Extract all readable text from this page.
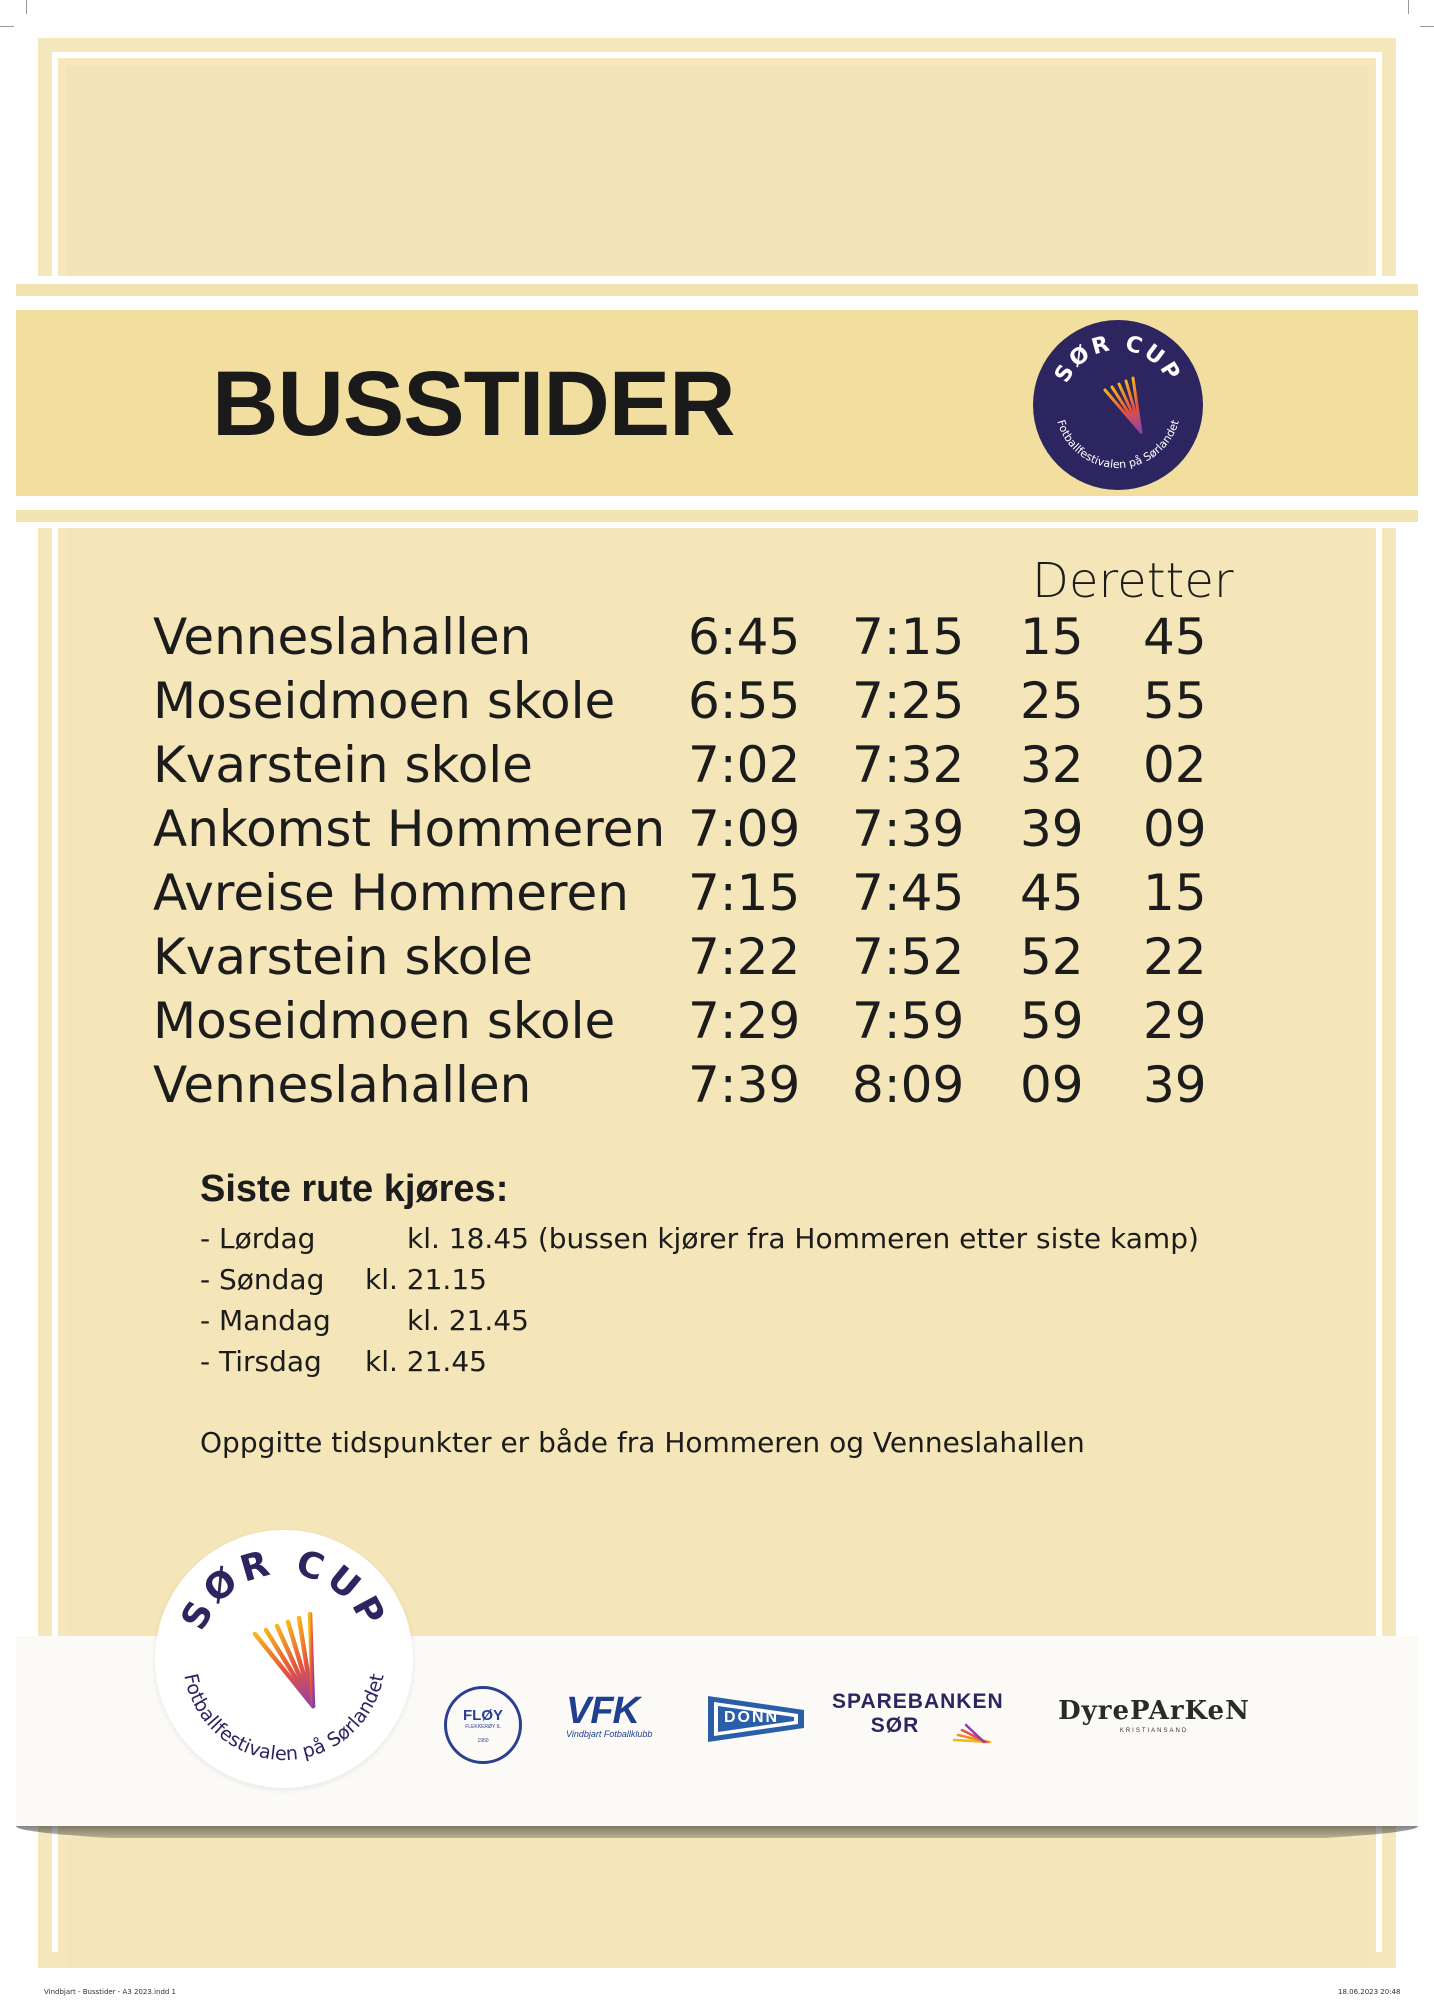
BUSSTIDER	SØR CUP
Fotballfestivalen på Sørlandet
Deretter
Venneslahallen	6:45 7:15 15 45
Moseidmoen skole 6:55 7:25 25 55
Kvarstein skole	7:02 7:32 32 02
Ankomst Hommeren 7:09 7:39 39 09
Avreise Hommeren 7:15 7:45 45 15
Kvarstein skole	7:22 7:52 52 22
Moseidmoen skole 7:29 7:59 59 29
Venneslahallen	7:39 8:09 09 39
Siste rute kjøres:
- Lørdag	kl. 18.45 (bussen kjører fra Hommeren etter siste kamp)
- Søndag kl. 21.15
- Mandag	kl. 21.45
- Tirsdag kl. 21.45
Oppgitte tidspunkter er både fra Hommeren og Venneslahallen
SØR CUP
Fotballfestivalen på Sørlandet
FLØY
FLEKKERØY IL
1950
VFK
Vindbjart Fotballklubb
DONN
SPAREBANKEN
SØR	DyrePArKeN
KRISTIANSAND
Vindbjart - Busstider - A3 2023.indd 1	18.06.2023 20:48
